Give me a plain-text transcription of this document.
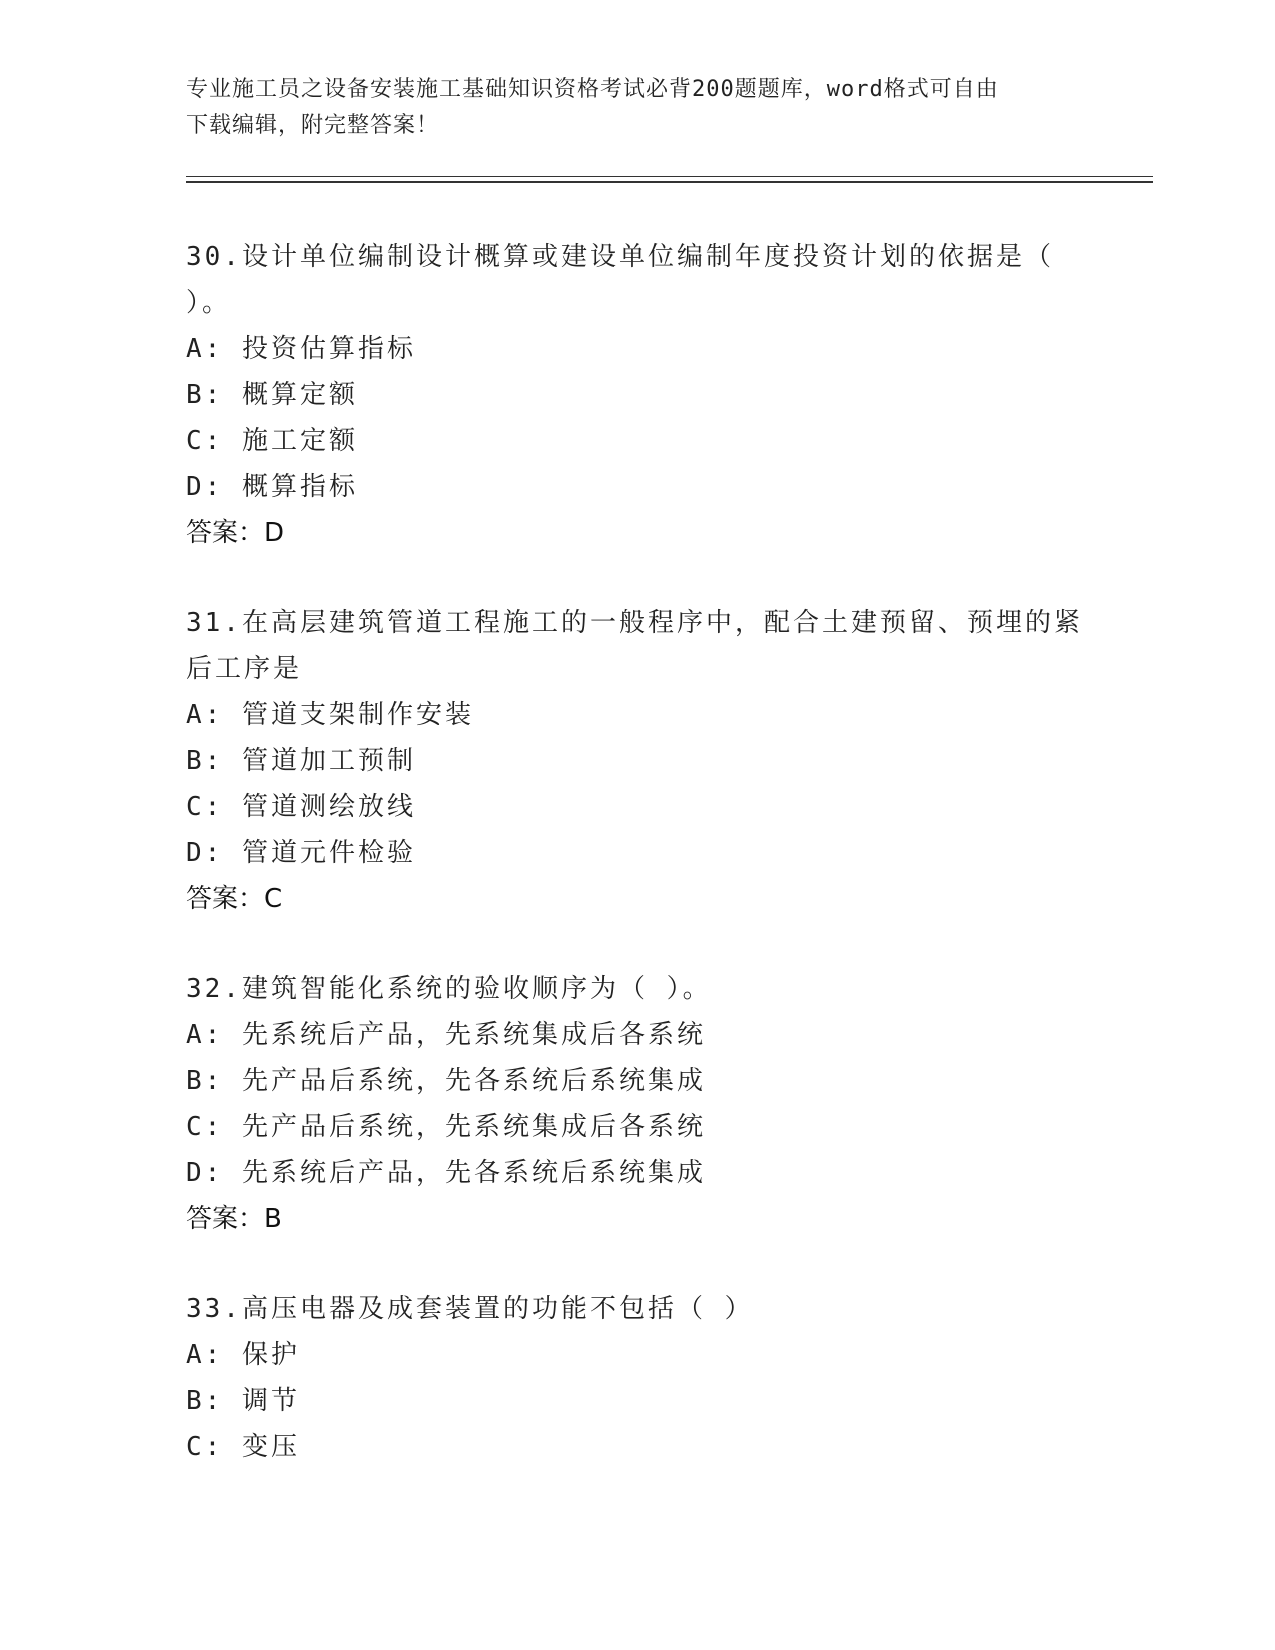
专业施工员之设备安装施工基础知识资格考试必背200题题库，word格式可自由
下载编辑，附完整答案！

30.设计单位编制设计概算或建设单位编制年度投资计划的依据是（

）。

A: 投资估算指标

B: 概算定额

C: 施工定额

D: 概算指标

答案：D

31.在高层建筑管道工程施工的一般程序中，配合土建预留、预埋的紧

后工序是

A: 管道支架制作安装

B: 管道加工预制

C: 管道测绘放线

D: 管道元件检验

答案：C

32.建筑智能化系统的验收顺序为（ ）。

A: 先系统后产品，先系统集成后各系统

B: 先产品后系统，先各系统后系统集成

C: 先产品后系统，先系统集成后各系统

D: 先系统后产品，先各系统后系统集成

答案：B

33.高压电器及成套装置的功能不包括（ ）

A: 保护

B: 调节

C: 变压
